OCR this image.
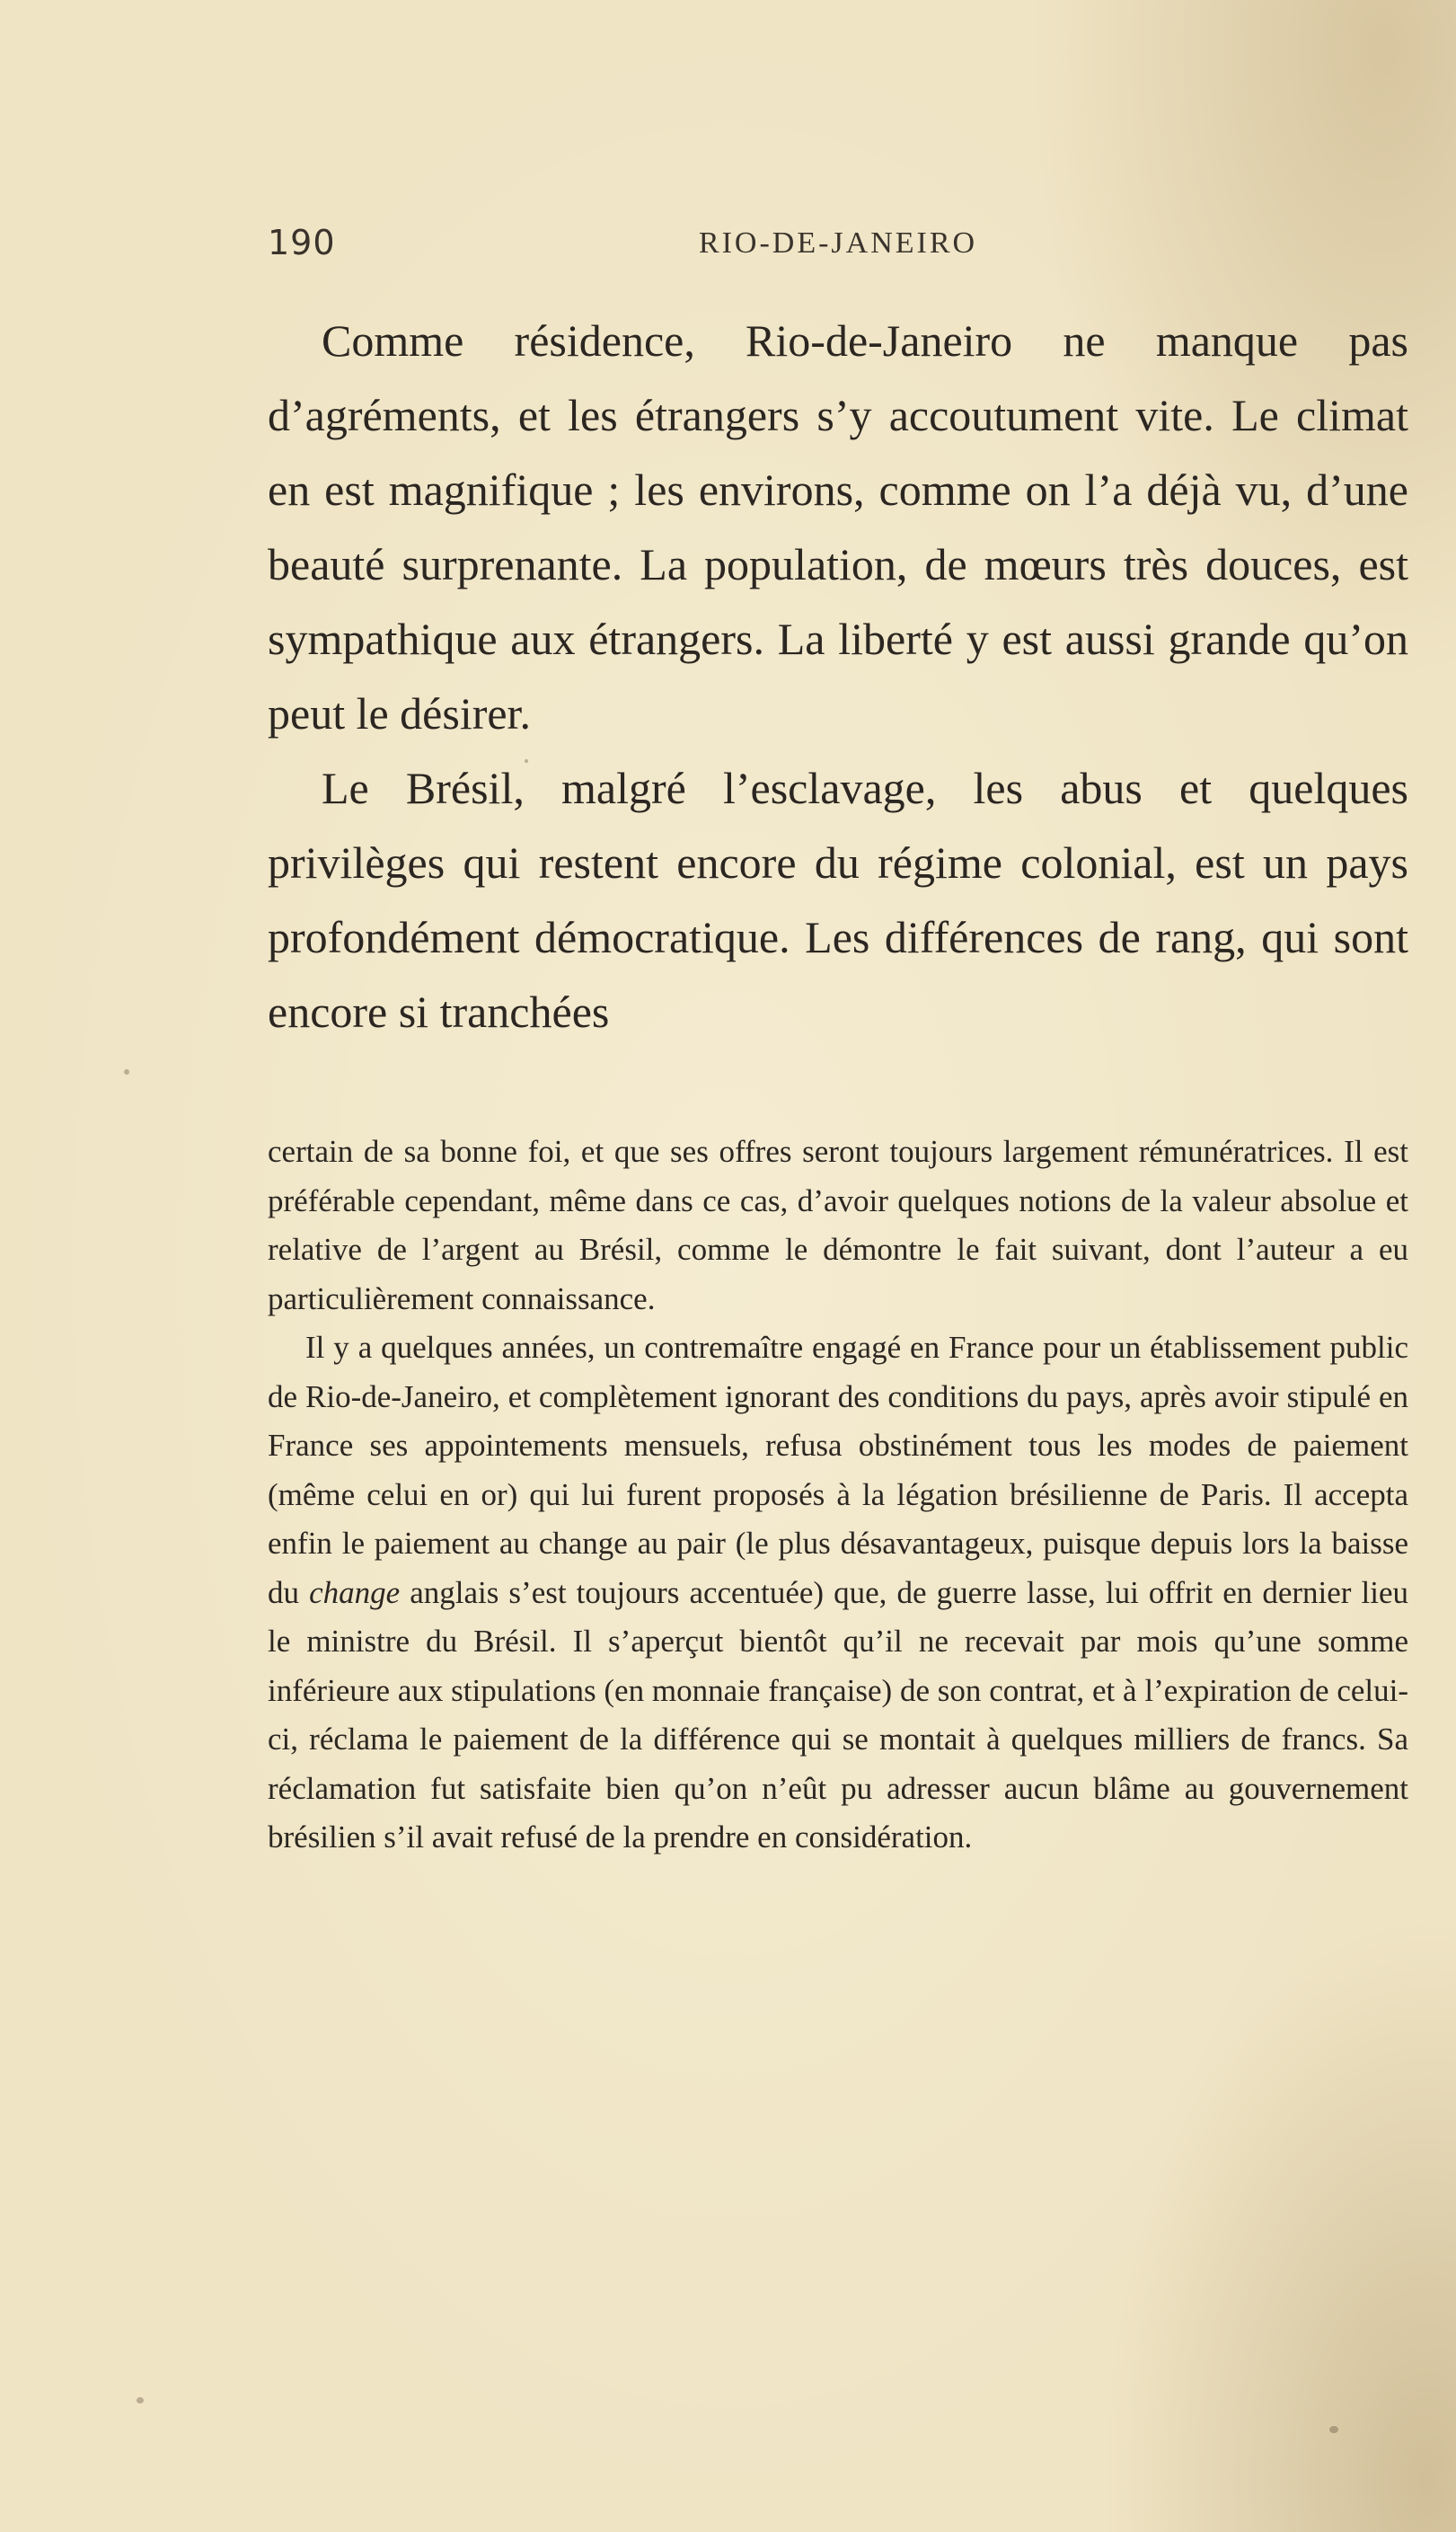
190	RIO-DE-JANEIRO

Comme résidence, Rio-de-Janeiro ne manque pas d’agréments, et les étrangers s’y accoutument vite. Le climat en est magnifique ; les environs, comme on l’a déjà vu, d’une beauté surprenante. La population, de mœurs très douces, est sympathique aux étrangers. La liberté y est aussi grande qu’on peut le désirer.

Le Brésil, malgré l’esclavage, les abus et quelques privilèges qui restent encore du régime colonial, est un pays profondément démocratique. Les différences de rang, qui sont encore si tranchées

certain de sa bonne foi, et que ses offres seront toujours largement rémunératrices. Il est préférable cependant, même dans ce cas, d’avoir quelques notions de la valeur absolue et relative de l’argent au Brésil, comme le démontre le fait suivant, dont l’auteur a eu particulièrement connaissance.

Il y a quelques années, un contremaître engagé en France pour un établissement public de Rio-de-Janeiro, et complètement ignorant des conditions du pays, après avoir stipulé en France ses appointements mensuels, refusa obstinément tous les modes de paiement (même celui en or) qui lui furent proposés à la légation brésilienne de Paris. Il accepta enfin le paiement au change au pair (le plus désavantageux, puisque depuis lors la baisse du change anglais s’est toujours accentuée) que, de guerre lasse, lui offrit en dernier lieu le ministre du Brésil. Il s’aperçut bientôt qu’il ne recevait par mois qu’une somme inférieure aux stipulations (en monnaie française) de son contrat, et à l’expiration de celui-ci, réclama le paiement de la différence qui se montait à quelques milliers de francs. Sa réclamation fut satisfaite bien qu’on n’eût pu adresser aucun blâme au gouvernement brésilien s’il avait refusé de la prendre en considération.
